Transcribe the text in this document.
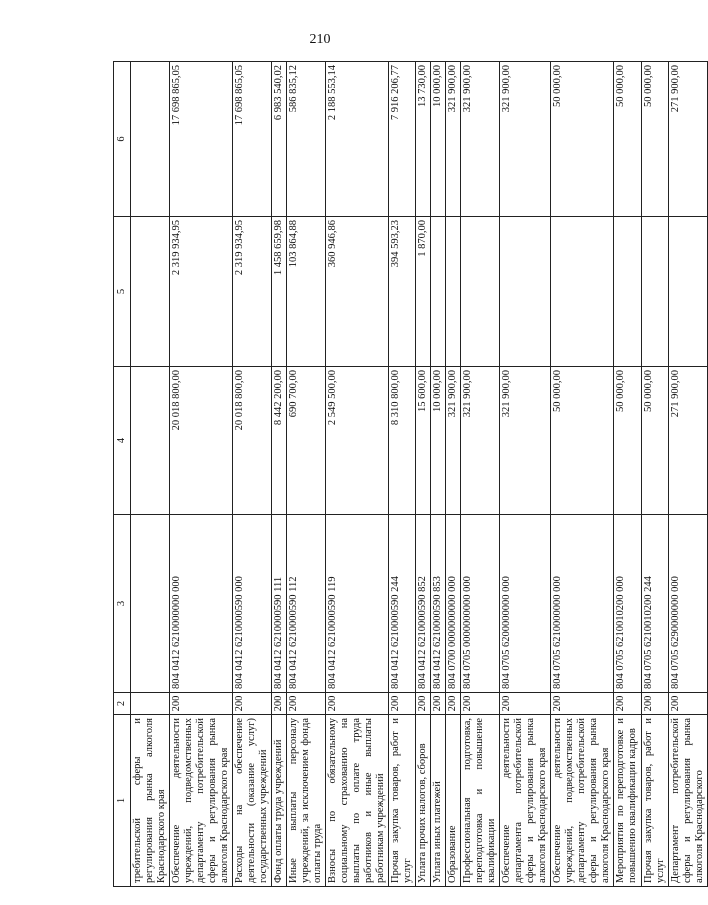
210
1	2	3	4	5	6
требительской сферы и регулирования рынка алкоголя Краснодарского края					
Обеспечение деятельности учреждений, подведомственных департаменту потребительской сферы и регулирования рынка алкоголя Краснодарского края	200	804 0412 6210000000 000	20 018 800,00	2 319 934,95	17 698 865,05
Расходы на обеспечение деятельности (оказание услуг) государственных учреждений	200	804 0412 6210000590 000	20 018 800,00	2 319 934,95	17 698 865,05
Фонд оплаты труда учреждений	200	804 0412 6210000590 111	8 442 200,00	1 458 659,98	6 983 540,02
Иные выплаты персоналу учреждений, за исключением фонда оплаты труда	200	804 0412 6210000590 112	690 700,00	103 864,88	586 835,12
Взносы по обязательному социальному страхованию на выплаты по оплате труда работников и иные выплаты работникам учреждений	200	804 0412 6210000590 119	2 549 500,00	360 946,86	2 188 553,14
Прочая закупка товаров, работ и услуг	200	804 0412 6210000590 244	8 310 800,00	394 593,23	7 916 206,77
Уплата прочих налогов, сборов	200	804 0412 6210000590 852	15 600,00	1 870,00	13 730,00
Уплата иных платежей	200	804 0412 6210000590 853	10 000,00		10 000,00
Образование	200	804 0700 0000000000 000	321 900,00		321 900,00
Профессиональная подготовка, переподготовка и повышение квалификации	200	804 0705 0000000000 000	321 900,00		321 900,00
Обеспечение деятельности департамента потребительской сферы и регулирования рынка алкоголя Краснодарского края	200	804 0705 6200000000 000	321 900,00		321 900,00
Обеспечение деятельности учреждений, подведомственных департаменту потребительской сферы и регулирования рынка алкоголя Краснодарского края	200	804 0705 6210000000 000	50 000,00		50 000,00
Мероприятия по переподготовке и повышению квалификации кадров	200	804 0705 6210010200 000	50 000,00		50 000,00
Прочая закупка товаров, работ и услуг	200	804 0705 6210010200 244	50 000,00		50 000,00
Департамент потребительской сферы и регулирования рынка алкоголя Краснодарского	200	804 0705 6290000000 000	271 900,00		271 900,00
